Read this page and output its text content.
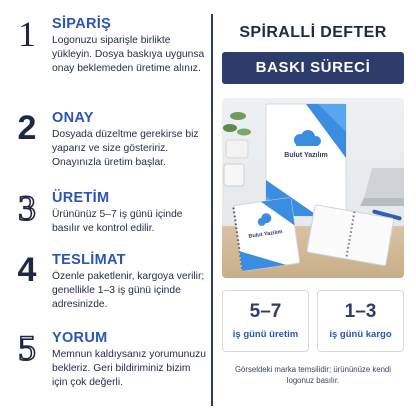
1	SİPARİŞ
Logonuzu siparişle birlikte yükleyin. Dosya baskıya uygunsa onay beklemeden üretime alınız.
2	ONAY
Dosyada düzeltme gerekirse biz yaparız ve size gösteririz. Onayınızla üretim başlar.
3	ÜRETİM
Ürününüz 5–7 iş günü içinde basılır ve kontrol edilir.
4	TESLİMAT
Özenle paketlenir, kargoya verilir; genellikle 1–3 iş günü içinde adresinizde.
5	YORUM
Memnun kaldıysanız yorumunuzu bekleriz. Geri bildiriminiz bizim için çok değerli.
SPİRALLİ DEFTER
BASKI SÜRECİ
Bulut Yazılım
Bulut Yazılım
5–7
iş günü üretim
1–3
iş günü kargo
Görseldeki marka temsilidir; ürününüze kendi logonuz basılır.
